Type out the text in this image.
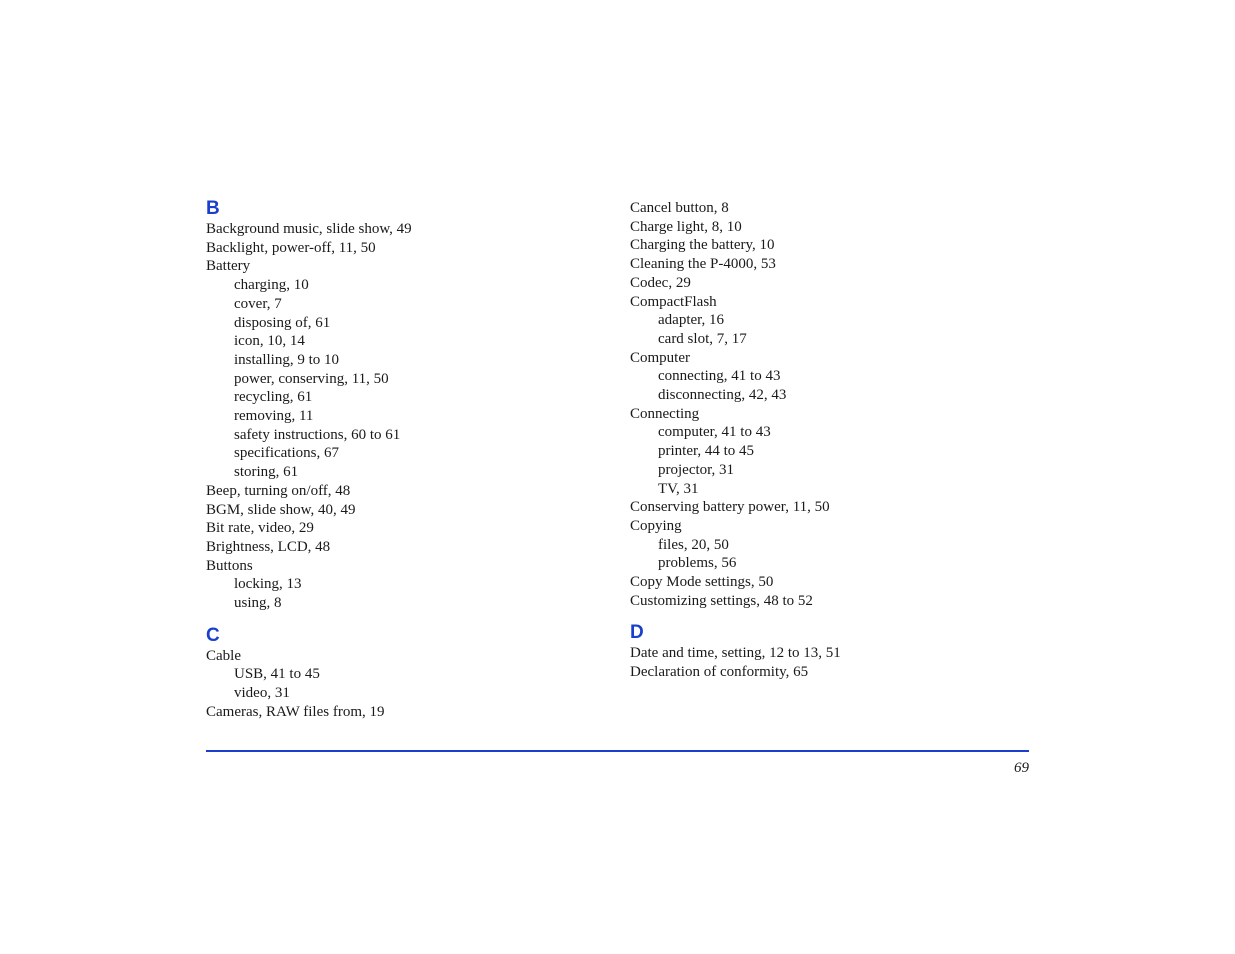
B
Background music, slide show, 49
Backlight, power-off, 11, 50
Battery
charging, 10
cover, 7
disposing of, 61
icon, 10, 14
installing, 9 to 10
power, conserving, 11, 50
recycling, 61
removing, 11
safety instructions, 60 to 61
specifications, 67
storing, 61
Beep, turning on/off, 48
BGM, slide show, 40, 49
Bit rate, video, 29
Brightness, LCD, 48
Buttons
locking, 13
using, 8
C
Cable
USB, 41 to 45
video, 31
Cameras, RAW files from, 19
Cancel button, 8
Charge light, 8, 10
Charging the battery, 10
Cleaning the P-4000, 53
Codec, 29
CompactFlash
adapter, 16
card slot, 7, 17
Computer
connecting, 41 to 43
disconnecting, 42, 43
Connecting
computer, 41 to 43
printer, 44 to 45
projector, 31
TV, 31
Conserving battery power, 11, 50
Copying
files, 20, 50
problems, 56
Copy Mode settings, 50
Customizing settings, 48 to 52
D
Date and time, setting, 12 to 13, 51
Declaration of conformity, 65
69
